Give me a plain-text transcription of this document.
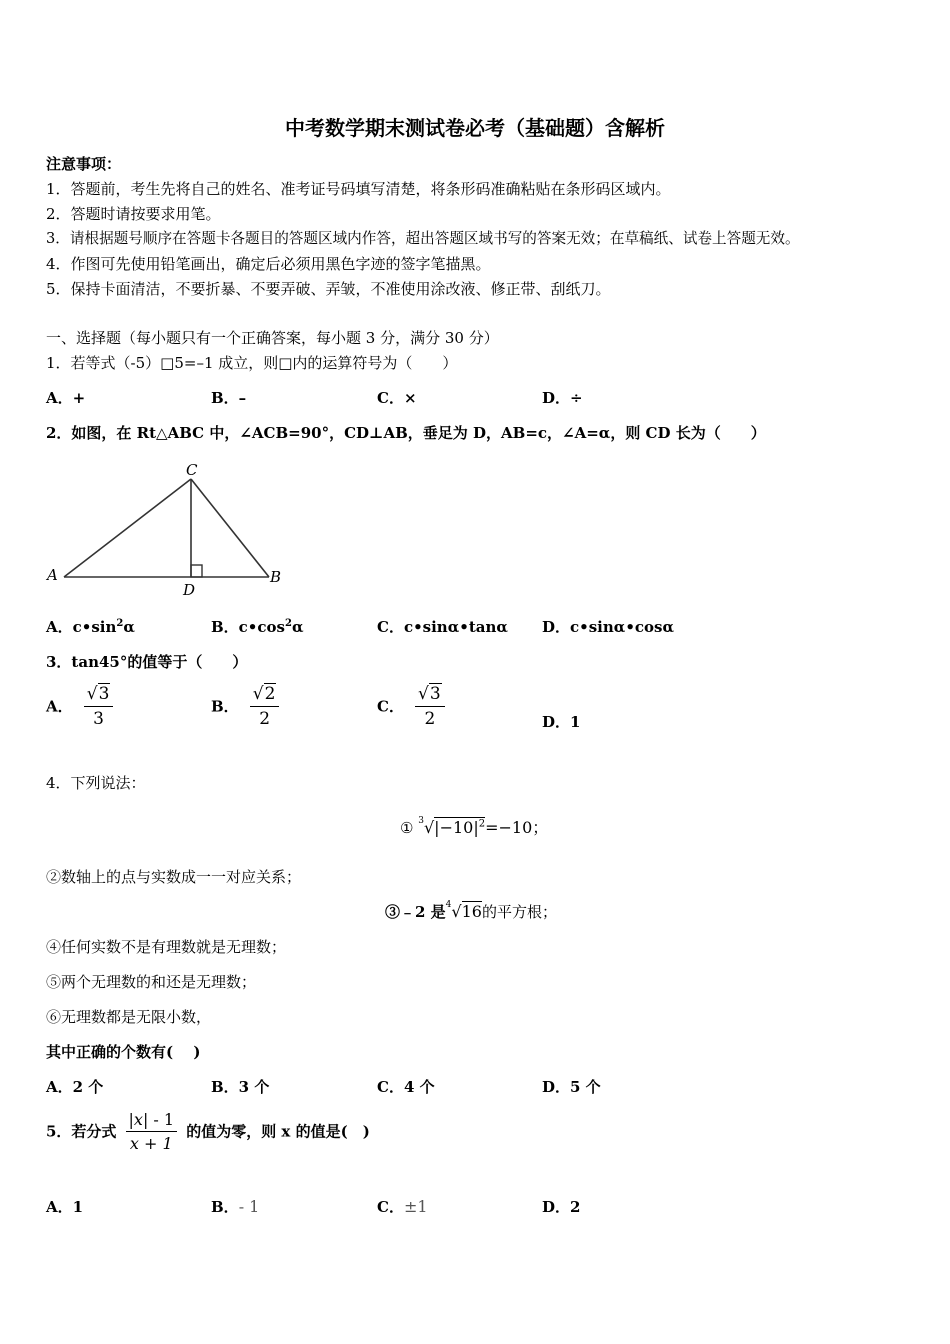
中考数学期末测试卷必考（基础题）含解析
注意事项：
1．答题前，考生先将自己的姓名、准考证号码填写清楚，将条形码准确粘贴在条形码区域内。
2．答题时请按要求用笔。
3．请根据题号顺序在答题卡各题目的答题区域内作答，超出答题区域书写的答案无效；在草稿纸、试卷上答题无效。
4．作图可先使用铅笔画出，确定后必须用黑色字迹的签字笔描黑。
5．保持卡面清洁，不要折暴、不要弄破、弄皱，不准使用涂改液、修正带、刮纸刀。
一、选择题（每小题只有一个正确答案，每小题 3 分，满分 30 分）
1．若等式（-5）□5=–1 成立，则□内的运算符号为（　　）
A．+	B．–	C．×	D．÷
2．如图，在 Rt△ABC 中，∠ACB=90°，CD⊥AB，垂足为 D，AB=c，∠A=α，则 CD 长为（　　）
A	B
C
D
A．$c•\sin^2\alpha$	B．$c•\cos^2\alpha$	C．c•sinα•tanα D．c•sinα•cosα
3．tan45°的值等于（　　）
A． $\frac{√3}{3}$	B． $\frac{√2}{2}$	C． $\frac{√3}{2}$	D．1
4．下列说法：
① $^3√|-10|^2=-10$；
②数轴上的点与实数成一一对应关系；
③﹣2 是$^4$√16的平方根；
④任何实数不是有理数就是无理数；
⑤两个无理数的和还是无理数；
⑥无理数都是无限小数，
其中正确的个数有(　 )
A．2 个	B．3 个	C．4 个	D．5 个
5．若分式 $\frac{|x| - 1}{x + 1}$ 的值为零，则 x 的值是(　)
A．1	B．- 1	C．±1	D．2
